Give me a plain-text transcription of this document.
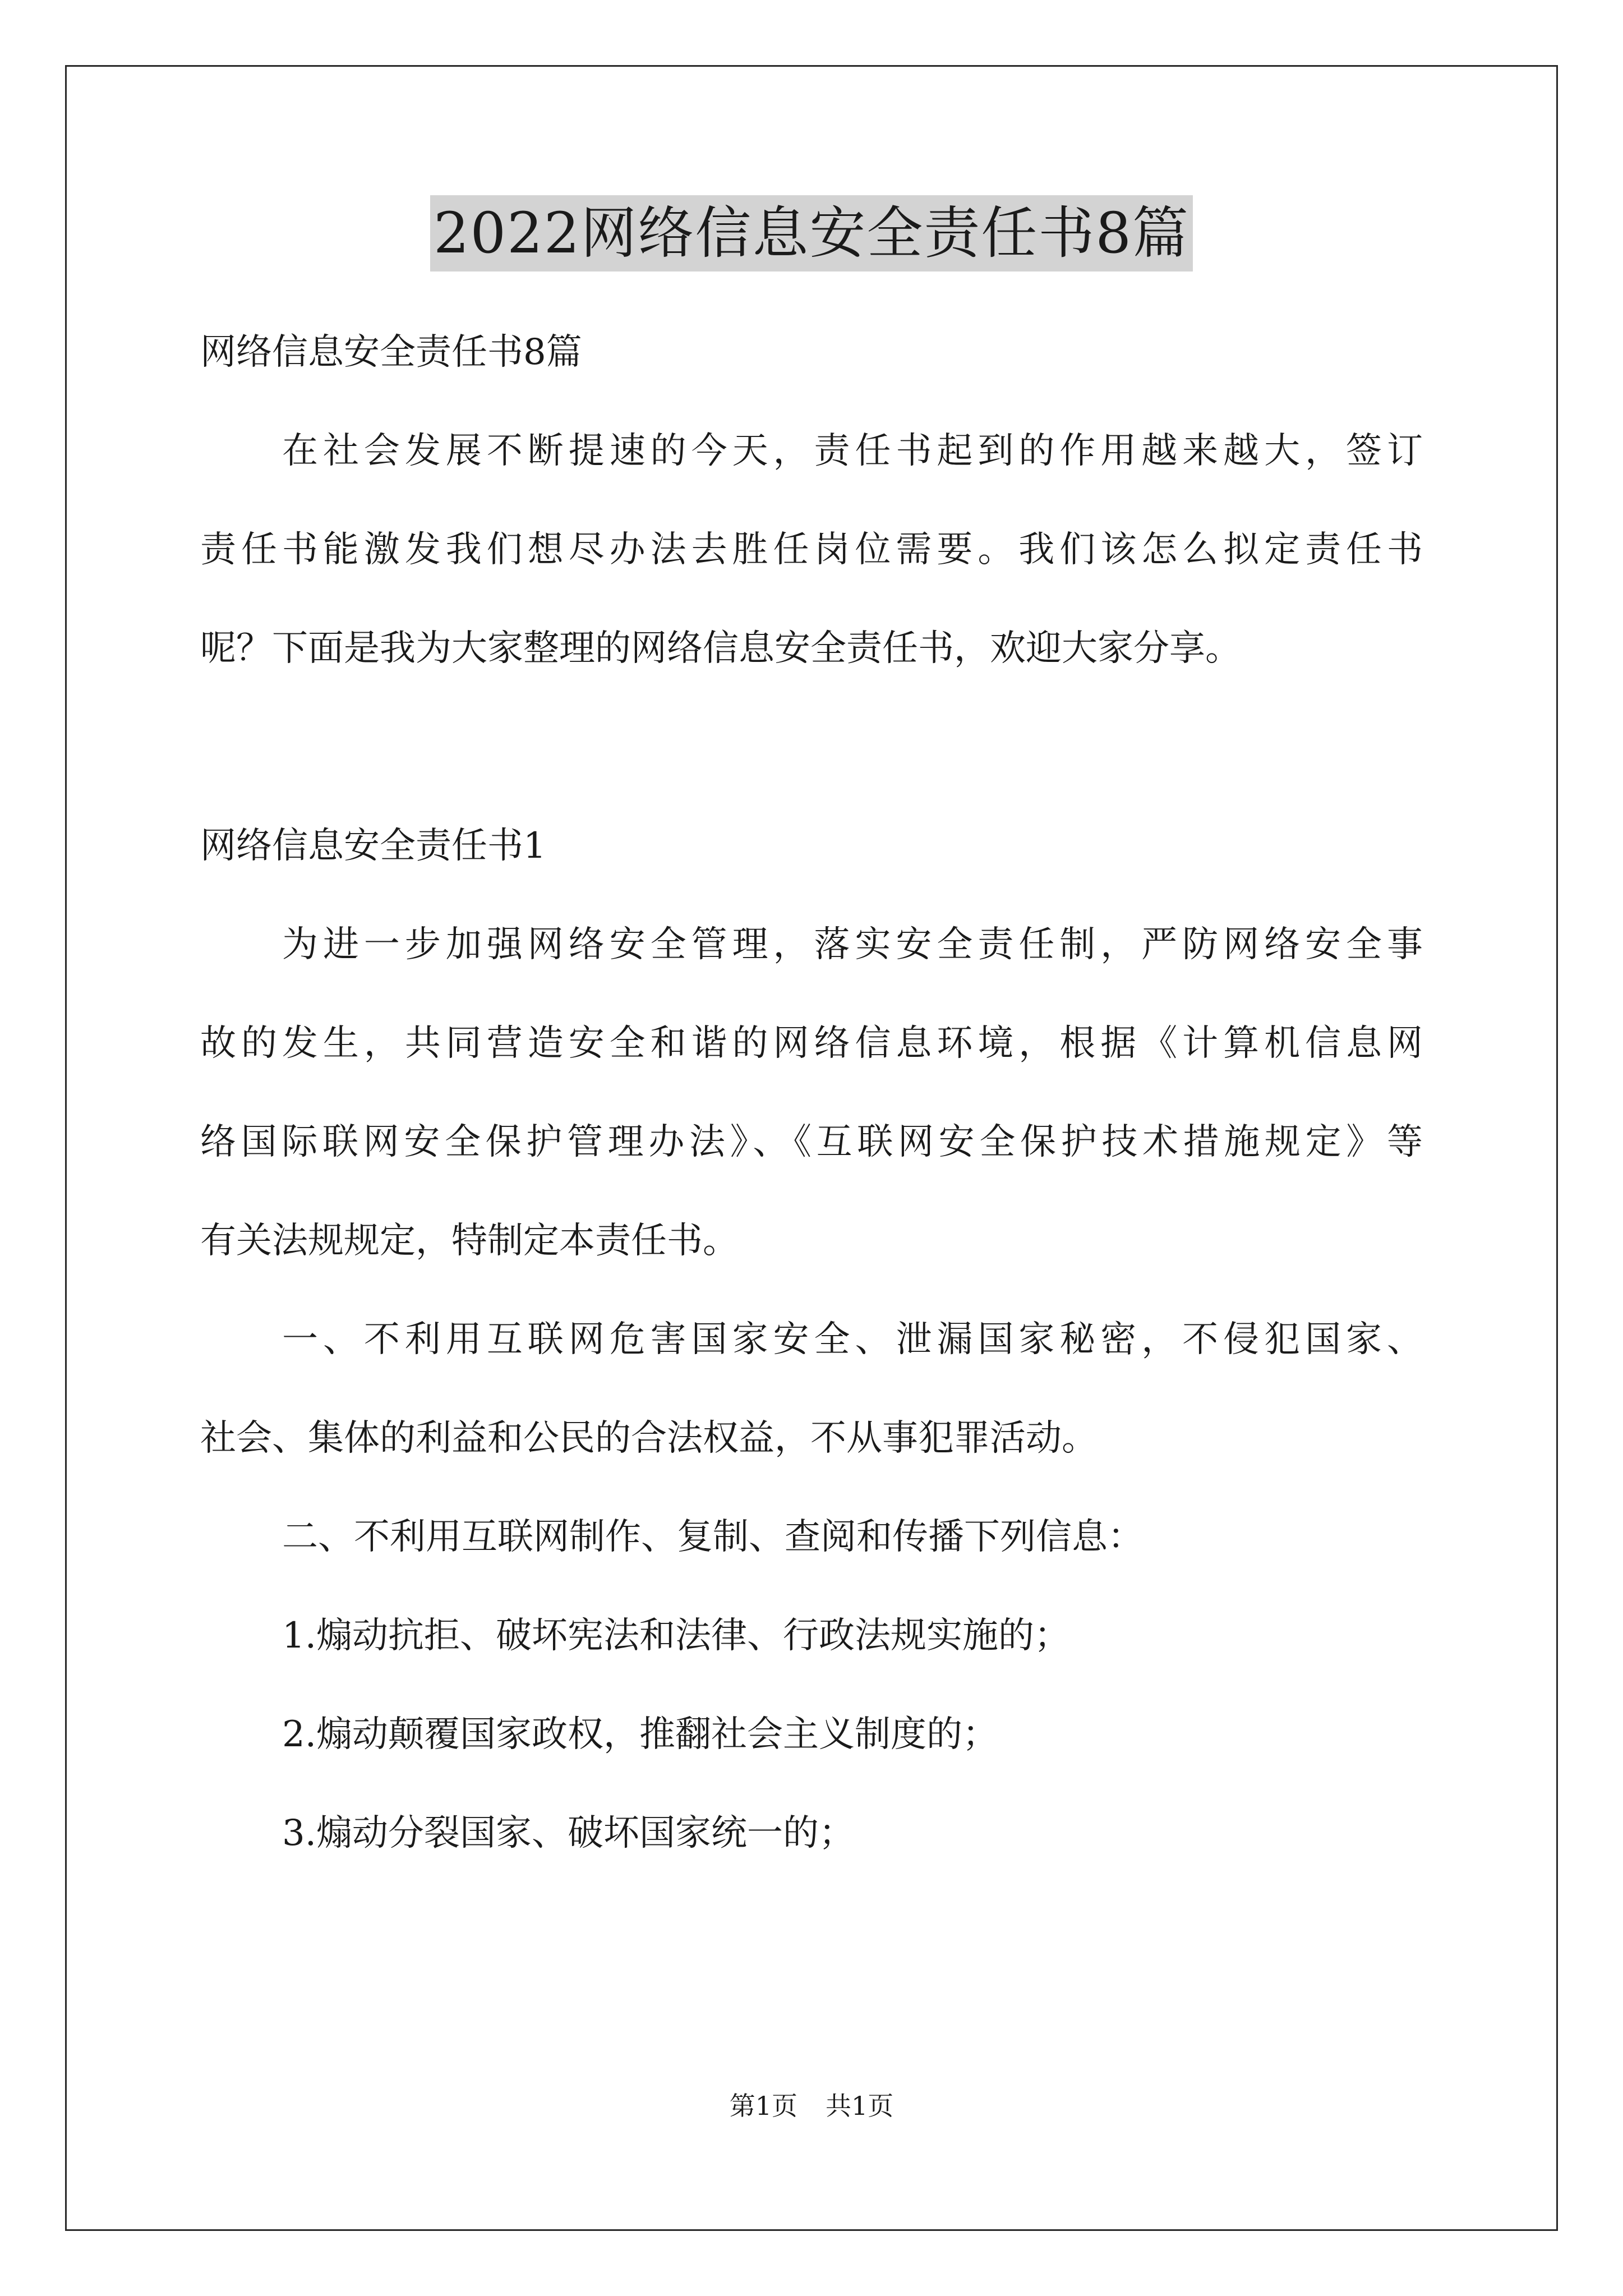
2022网络信息安全责任书8篇
网络信息安全责任书8篇
在社会发展不断提速的今天，责任书起到的作用越来越大，签订
责任书能激发我们想尽办法去胜任岗位需要。我们该怎么拟定责任书
呢？下面是我为大家整理的网络信息安全责任书，欢迎大家分享。
网络信息安全责任书1
为进一步加强网络安全管理，落实安全责任制，严防网络安全事
故的发生，共同营造安全和谐的网络信息环境，根据《计算机信息网
络国际联网安全保护管理办法》、《互联网安全保护技术措施规定》等
有关法规规定，特制定本责任书。
一、不利用互联网危害国家安全、泄漏国家秘密，不侵犯国家、
社会、集体的利益和公民的合法权益，不从事犯罪活动。
二、不利用互联网制作、复制、查阅和传播下列信息：
1.煽动抗拒、破坏宪法和法律、行政法规实施的；
2.煽动颠覆国家政权，推翻社会主义制度的；
3.煽动分裂国家、破坏国家统一的；
第1页 共1页
